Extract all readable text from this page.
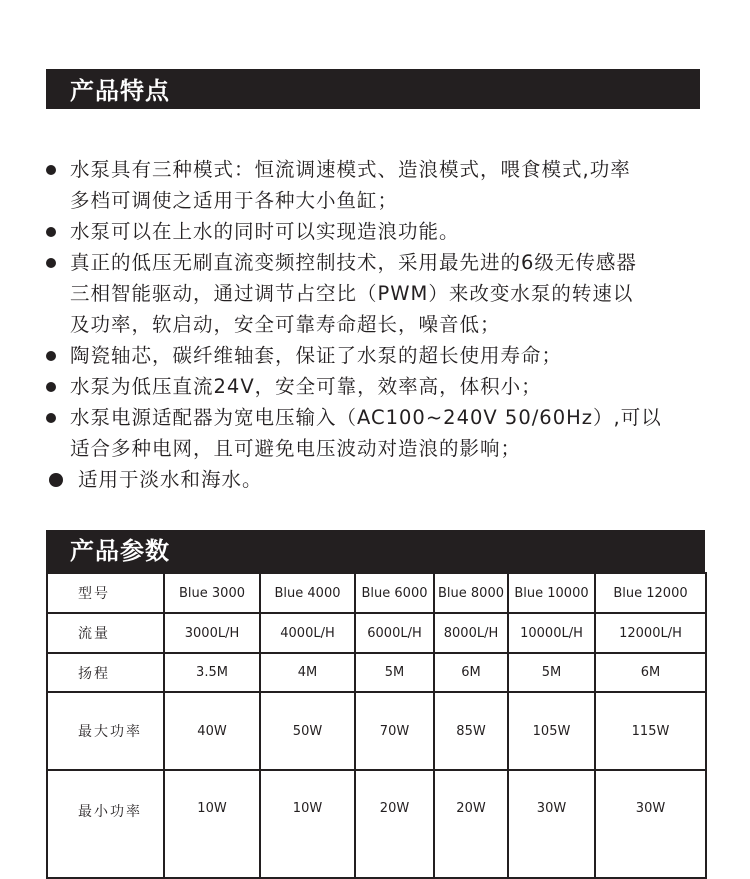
产品特点
水泵具有三种模式：恒流调速模式、造浪模式，喂食模式,功率
多档可调使之适用于各种大小鱼缸；
水泵可以在上水的同时可以实现造浪功能。
真正的低压无刷直流变频控制技术，采用最先进的6级无传感器
三相智能驱动，通过调节占空比（PWM）来改变水泵的转速以
及功率，软启动，安全可靠寿命超长，噪音低；
陶瓷轴芯，碳纤维轴套，保证了水泵的超长使用寿命；
水泵为低压直流24V，安全可靠，效率高，体积小；
水泵电源适配器为宽电压输入（AC100~240V 50/60Hz）,可以
适合多种电网，且可避免电压波动对造浪的影响；
适用于淡水和海水。
产品参数
型号	Blue 3000	Blue 4000	Blue 6000	Blue 8000	Blue 10000	Blue 12000
流量	3000L/H	4000L/H	6000L/H	8000L/H	10000L/H	12000L/H
扬程	3.5M	4M	5M	6M	5M	6M
最大功率	40W	50W	70W	85W	105W	115W
最小功率	10W	10W	20W	20W	30W	30W
